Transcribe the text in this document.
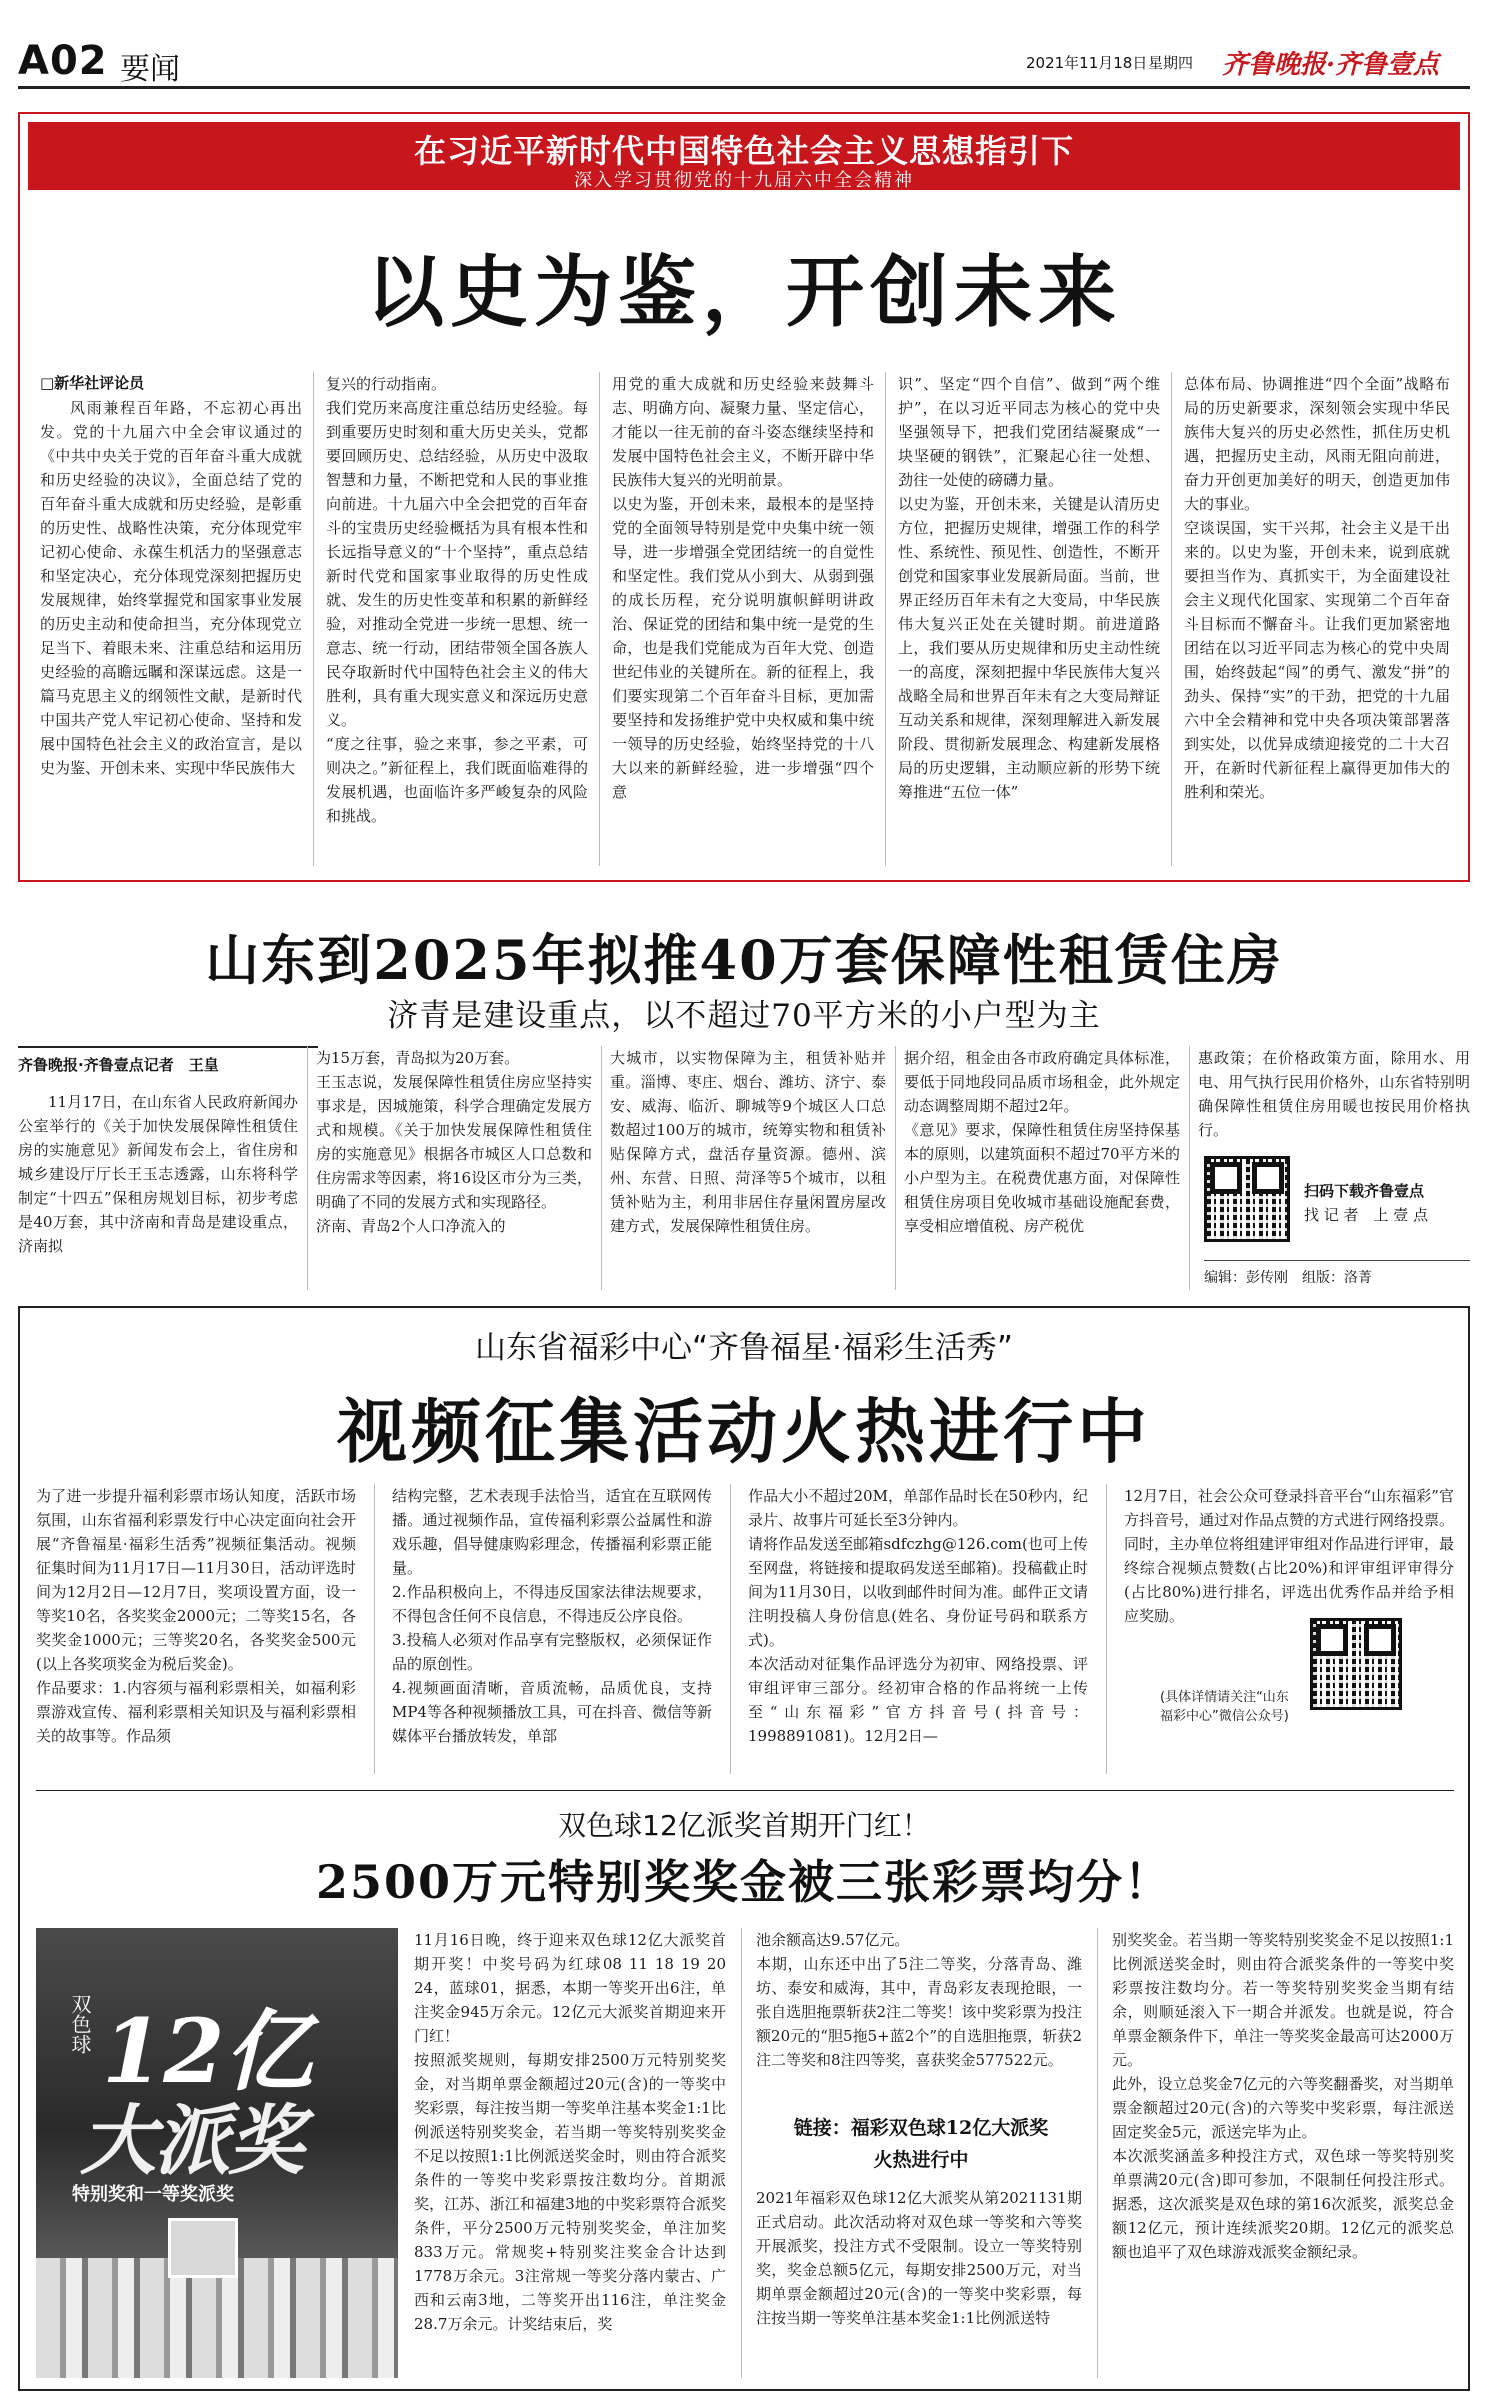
A02 要闻	2021年11月18日 星期四 齐鲁晚报·齐鲁壹点
在习近平新时代中国特色社会主义思想指引下
深入学习贯彻党的十九届六中全会精神
以史为鉴，开创未来
□新华社评论员
风雨兼程百年路，不忘初心再出发。党的十九届六中全会审议通过的《中共中央关于党的百年奋斗重大成就和历史经验的决议》，全面总结了党的百年奋斗重大成就和历史经验，是彰重的历史性、战略性决策，充分体现党牢记初心使命、永葆生机活力的坚强意志和坚定决心，充分体现党深刻把握历史发展规律，始终掌握党和国家事业发展的历史主动和使命担当，充分体现党立足当下、着眼未来、注重总结和运用历史经验的高瞻远瞩和深谋远虑。这是一篇马克思主义的纲领性文献，是新时代中国共产党人牢记初心使命、坚持和发展中国特色社会主义的政治宣言，是以史为鉴、开创未来、实现中华民族伟大
复兴的行动指南。
我们党历来高度注重总结历史经验。每到重要历史时刻和重大历史关头，党都要回顾历史、总结经验，从历史中汲取智慧和力量，不断把党和人民的事业推向前进。十九届六中全会把党的百年奋斗的宝贵历史经验概括为具有根本性和长远指导意义的“十个坚持”，重点总结新时代党和国家事业取得的历史性成就、发生的历史性变革和积累的新鲜经验，对推动全党进一步统一思想、统一意志、统一行动，团结带领全国各族人民夺取新时代中国特色社会主义的伟大胜利，具有重大现实意义和深远历史意义。
“度之往事，验之来事，参之平素，可则决之。”新征程上，我们既面临难得的发展机遇，也面临许多严峻复杂的风险和挑战。
用党的重大成就和历史经验来鼓舞斗志、明确方向、凝聚力量、坚定信心，才能以一往无前的奋斗姿态继续坚持和发展中国特色社会主义，不断开辟中华民族伟大复兴的光明前景。
以史为鉴，开创未来，最根本的是坚持党的全面领导特别是党中央集中统一领导，进一步增强全党团结统一的自觉性和坚定性。我们党从小到大、从弱到强的成长历程，充分说明旗帜鲜明讲政治、保证党的团结和集中统一是党的生命，也是我们党能成为百年大党、创造世纪伟业的关键所在。新的征程上，我们要实现第二个百年奋斗目标，更加需要坚持和发扬维护党中央权威和集中统一领导的历史经验，始终坚持党的十八大以来的新鲜经验，进一步增强“四个意
识”、坚定“四个自信”、做到“两个维护”，在以习近平同志为核心的党中央坚强领导下，把我们党团结凝聚成“一块坚硬的钢铁”，汇聚起心往一处想、劲往一处使的磅礴力量。
以史为鉴，开创未来，关键是认清历史方位，把握历史规律，增强工作的科学性、系统性、预见性、创造性，不断开创党和国家事业发展新局面。当前，世界正经历百年未有之大变局，中华民族伟大复兴正处在关键时期。前进道路上，我们要从历史规律和历史主动性统一的高度，深刻把握中华民族伟大复兴战略全局和世界百年未有之大变局辩证互动关系和规律，深刻理解进入新发展阶段、贯彻新发展理念、构建新发展格局的历史逻辑，主动顺应新的形势下统筹推进“五位一体”
总体布局、协调推进“四个全面”战略布局的历史新要求，深刻领会实现中华民族伟大复兴的历史必然性，抓住历史机遇，把握历史主动，风雨无阻向前进，奋力开创更加美好的明天，创造更加伟大的事业。
空谈误国，实干兴邦，社会主义是干出来的。以史为鉴，开创未来，说到底就要担当作为、真抓实干，为全面建设社会主义现代化国家、实现第二个百年奋斗目标而不懈奋斗。让我们更加紧密地团结在以习近平同志为核心的党中央周围，始终鼓起“闯”的勇气、激发“拼”的劲头、保持“实”的干劲，把党的十九届六中全会精神和党中央各项决策部署落到实处，以优异成绩迎接党的二十大召开，在新时代新征程上赢得更加伟大的胜利和荣光。
山东到2025年拟推40万套保障性租赁住房
济青是建设重点，以不超过70平方米的小户型为主
齐鲁晚报·齐鲁壹点记者　王皇
11月17日，在山东省人民政府新闻办公室举行的《关于加快发展保障性租赁住房的实施意见》新闻发布会上，省住房和城乡建设厅厅长王玉志透露，山东将科学制定“十四五”保租房规划目标，初步考虑是40万套，其中济南和青岛是建设重点，济南拟
为15万套，青岛拟为20万套。
王玉志说，发展保障性租赁住房应坚持实事求是，因城施策，科学合理确定发展方式和规模。《关于加快发展保障性租赁住房的实施意见》根据各市城区人口总数和住房需求等因素，将16设区市分为三类，明确了不同的发展方式和实现路径。
济南、青岛2个人口净流入的
大城市，以实物保障为主，租赁补贴并重。淄博、枣庄、烟台、潍坊、济宁、泰安、威海、临沂、聊城等9个城区人口总数超过100万的城市，统筹实物和租赁补贴保障方式，盘活存量资源。德州、滨州、东营、日照、菏泽等5个城市，以租赁补贴为主，利用非居住存量闲置房屋改建方式，发展保障性租赁住房。
据介绍，租金由各市政府确定具体标准，要低于同地段同品质市场租金，此外规定动态调整周期不超过2年。
《意见》要求，保障性租赁住房坚持保基本的原则，以建筑面积不超过70平方米的小户型为主。在税费优惠方面，对保障性租赁住房项目免收城市基础设施配套费，享受相应增值税、房产税优
惠政策；在价格政策方面，除用水、用电、用气执行民用价格外，山东省特别明确保障性租赁住房用暖也按民用价格执行。
扫码下载齐鲁壹点
找 记 者　上 壹 点
编辑：彭传刚　组版：洛菁
山东省福彩中心“齐鲁福星·福彩生活秀”
视频征集活动火热进行中
为了进一步提升福利彩票市场认知度，活跃市场氛围，山东省福利彩票发行中心决定面向社会开展“齐鲁福星·福彩生活秀”视频征集活动。视频征集时间为11月17日—11月30日，活动评选时间为12月2日—12月7日，奖项设置方面，设一等奖10名，各奖奖金2000元；二等奖15名，各奖奖金1000元；三等奖20名，各奖奖金500元(以上各奖项奖金为税后奖金)。
作品要求：1.内容须与福利彩票相关，如福利彩票游戏宣传、福利彩票相关知识及与福利彩票相关的故事等。作品须
结构完整，艺术表现手法恰当，适宜在互联网传播。通过视频作品，宣传福利彩票公益属性和游戏乐趣，倡导健康购彩理念，传播福利彩票正能量。
2.作品积极向上，不得违反国家法律法规要求，不得包含任何不良信息，不得违反公序良俗。
3.投稿人必须对作品享有完整版权，必须保证作品的原创性。
4.视频画面清晰，音质流畅，品质优良，支持MP4等各种视频播放工具，可在抖音、微信等新媒体平台播放转发，单部
作品大小不超过20M，单部作品时长在50秒内，纪录片、故事片可延长至3分钟内。
请将作品发送至邮箱sdfczhg@126.com(也可上传至网盘，将链接和提取码发送至邮箱)。投稿截止时间为11月30日，以收到邮件时间为准。邮件正文请注明投稿人身份信息(姓名、身份证号码和联系方式)。
本次活动对征集作品评选分为初审、网络投票、评审组评审三部分。经初审合格的作品将统一上传至“山东福彩”官方抖音号(抖音号：1998891081)。12月2日—
12月7日，社会公众可登录抖音平台“山东福彩”官方抖音号，通过对作品点赞的方式进行网络投票。同时，主办单位将组建评审组对作品进行评审，最终综合视频点赞数(占比20%)和评审组评审得分(占比80%)进行排名，评选出优秀作品并给予相应奖励。
(具体详情请关注“山东福彩中心”微信公众号)
双色球12亿派奖首期开门红！
2500万元特别奖奖金被三张彩票均分！
双色球 12亿
大派奖
特别奖和一等奖派奖
11月16日晚，终于迎来双色球12亿大派奖首期开奖！中奖号码为红球08 11 18 19 20 24，蓝球01，据悉，本期一等奖开出6注，单注奖金945万余元。12亿元大派奖首期迎来开门红！
按照派奖规则，每期安排2500万元特别奖奖金，对当期单票金额超过20元(含)的一等奖中奖彩票，每注按当期一等奖单注基本奖金1:1比例派送特别奖奖金，若当期一等奖特别奖奖金不足以按照1:1比例派送奖金时，则由符合派奖条件的一等奖中奖彩票按注数均分。首期派奖，江苏、浙江和福建3地的中奖彩票符合派奖条件，平分2500万元特别奖奖金，单注加奖833万元。常规奖+特别奖注奖金合计达到1778万余元。3注常规一等奖分落内蒙古、广西和云南3地，二等奖开出116注，单注奖金28.7万余元。计奖结束后，奖
池余额高达9.57亿元。
本期，山东还中出了5注二等奖，分落青岛、潍坊、泰安和威海，其中，青岛彩友表现抢眼，一张自选胆拖票斩获2注二等奖！该中奖彩票为投注额20元的“胆5拖5+蓝2个”的自选胆拖票，斩获2注二等奖和8注四等奖，喜获奖金577522元。
链接：福彩双色球12亿大派奖火热进行中
2021年福彩双色球12亿大派奖从第2021131期正式启动。此次活动将对双色球一等奖和六等奖开展派奖，投注方式不受限制。设立一等奖特别奖，奖金总额5亿元，每期安排2500万元，对当期单票金额超过20元(含)的一等奖中奖彩票，每注按当期一等奖单注基本奖金1:1比例派送特
别奖奖金。若当期一等奖特别奖奖金不足以按照1:1比例派送奖金时，则由符合派奖条件的一等奖中奖彩票按注数均分。若一等奖特别奖奖金当期有结余，则顺延滚入下一期合并派发。也就是说，符合单票金额条件下，单注一等奖奖金最高可达2000万元。
此外，设立总奖金7亿元的六等奖翻番奖，对当期单票金额超过20元(含)的六等奖中奖彩票，每注派送固定奖金5元，派送完毕为止。
本次派奖涵盖多种投注方式，双色球一等奖特别奖单票满20元(含)即可参加，不限制任何投注形式。据悉，这次派奖是双色球的第16次派奖，派奖总金额12亿元，预计连续派奖20期。12亿元的派奖总额也追平了双色球游戏派奖金额纪录。
